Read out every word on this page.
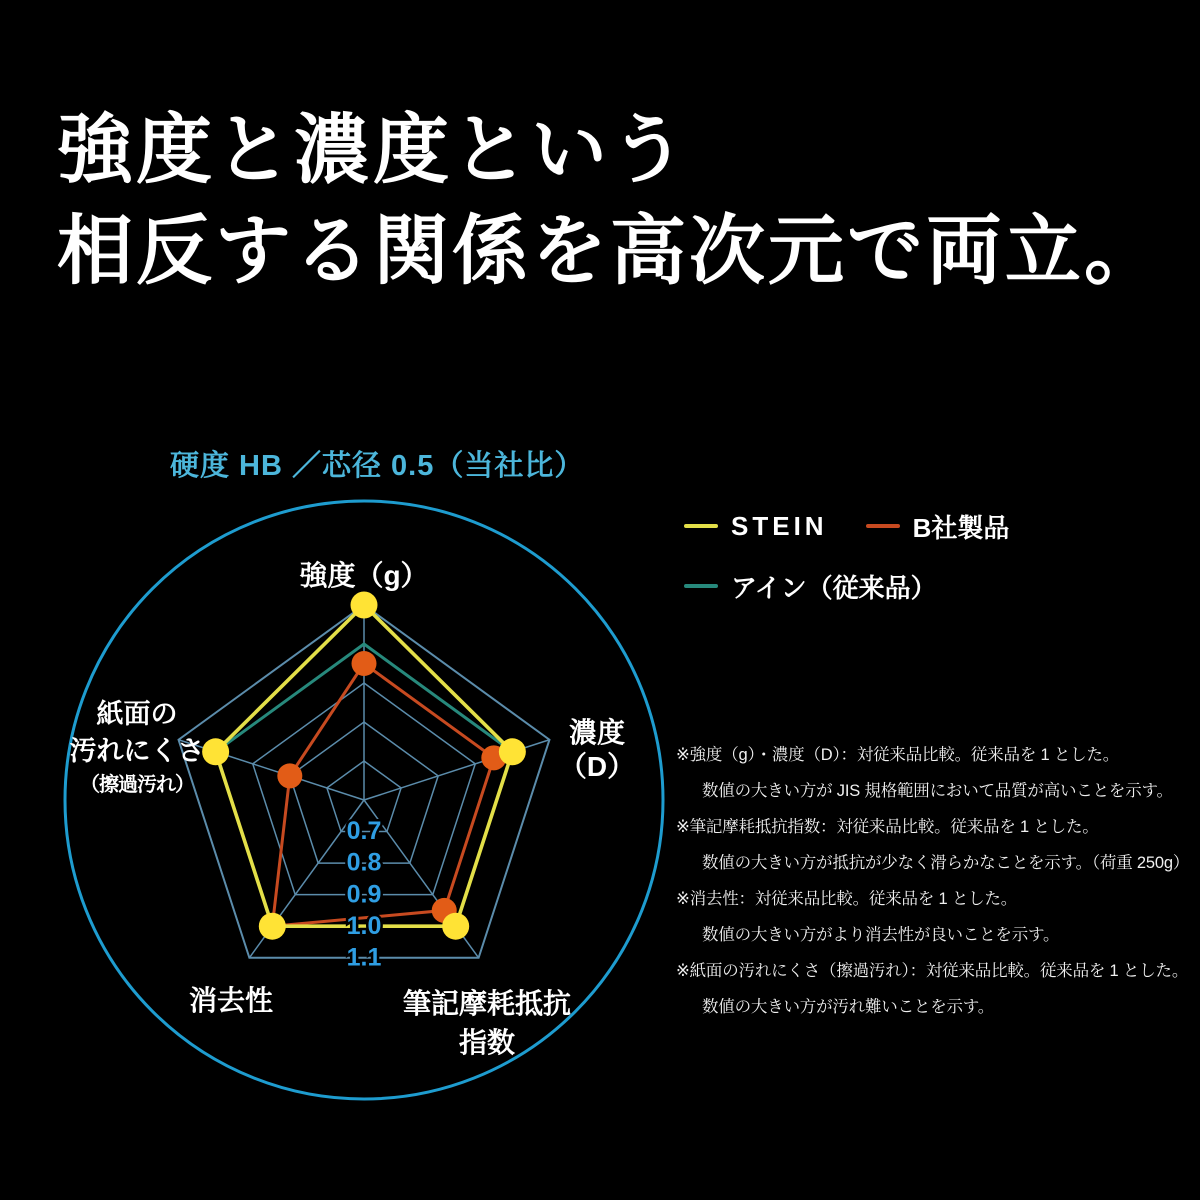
強度と濃度という
相反する関係を高次元で両立。
硬度 HB ／芯径 0.5（当社比）
0.7
0.8
0.9
1.0
1.1
強度（g）
濃度
（D）
筆記摩耗抵抗
指数
消去性
紙面の
汚れにくさ
（擦過汚れ）
STEIN	B社製品
アイン（従来品）
※強度（g）・濃度（D）：対従来品比較。従来品を 1 とした。
数値の大きい方が JIS 規格範囲において品質が高いことを示す。
※筆記摩耗抵抗指数：対従来品比較。従来品を 1 とした。
数値の大きい方が抵抗が少なく滑らかなことを示す。（荷重 250g）
※消去性：対従来品比較。従来品を 1 とした。
数値の大きい方がより消去性が良いことを示す。
※紙面の汚れにくさ（擦過汚れ）：対従来品比較。従来品を 1 とした。
数値の大きい方が汚れ難いことを示す。
